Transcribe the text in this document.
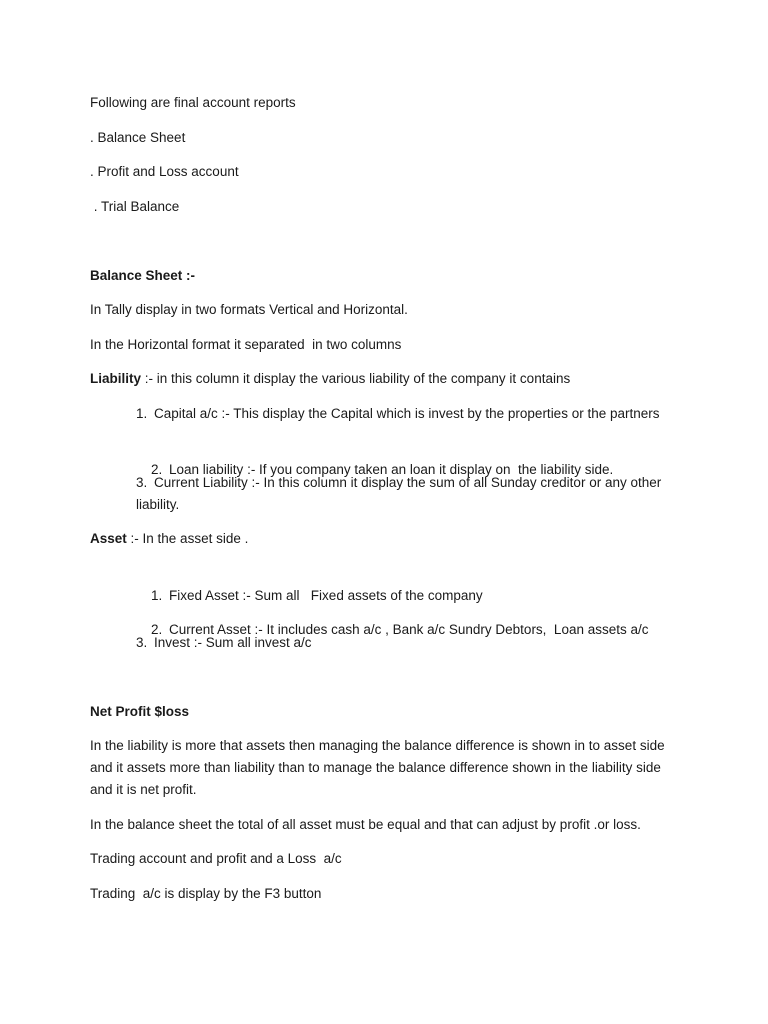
Following are final account reports

. Balance Sheet

. Profit and Loss account

. Trial Balance

Balance Sheet :-

In Tally display in two formats Vertical and Horizontal.

In the Horizontal format it separated  in two columns

Liability :- in this column it display the various liability of the company it contains

1. Capital a/c :- This display the Capital which is invest by the properties or the partners

2. Loan liability :- If you company taken an loan it display on  the liability side.

3. Current Liability :- In this column it display the sum of all Sunday creditor or any other liability.

Asset :- In the asset side .

1. Fixed Asset :- Sum all   Fixed assets of the company

2. Current Asset :- It includes cash a/c , Bank a/c Sundry Debtors,  Loan assets a/c

3. Invest :- Sum all invest a/c

Net Profit $loss

In the liability is more that assets then managing the balance difference is shown in to asset side and it assets more than liability than to manage the balance difference shown in the liability side and it is net profit.

In the balance sheet the total of all asset must be equal and that can adjust by profit .or loss.

Trading account and profit and a Loss  a/c

Trading  a/c is display by the F3 button
